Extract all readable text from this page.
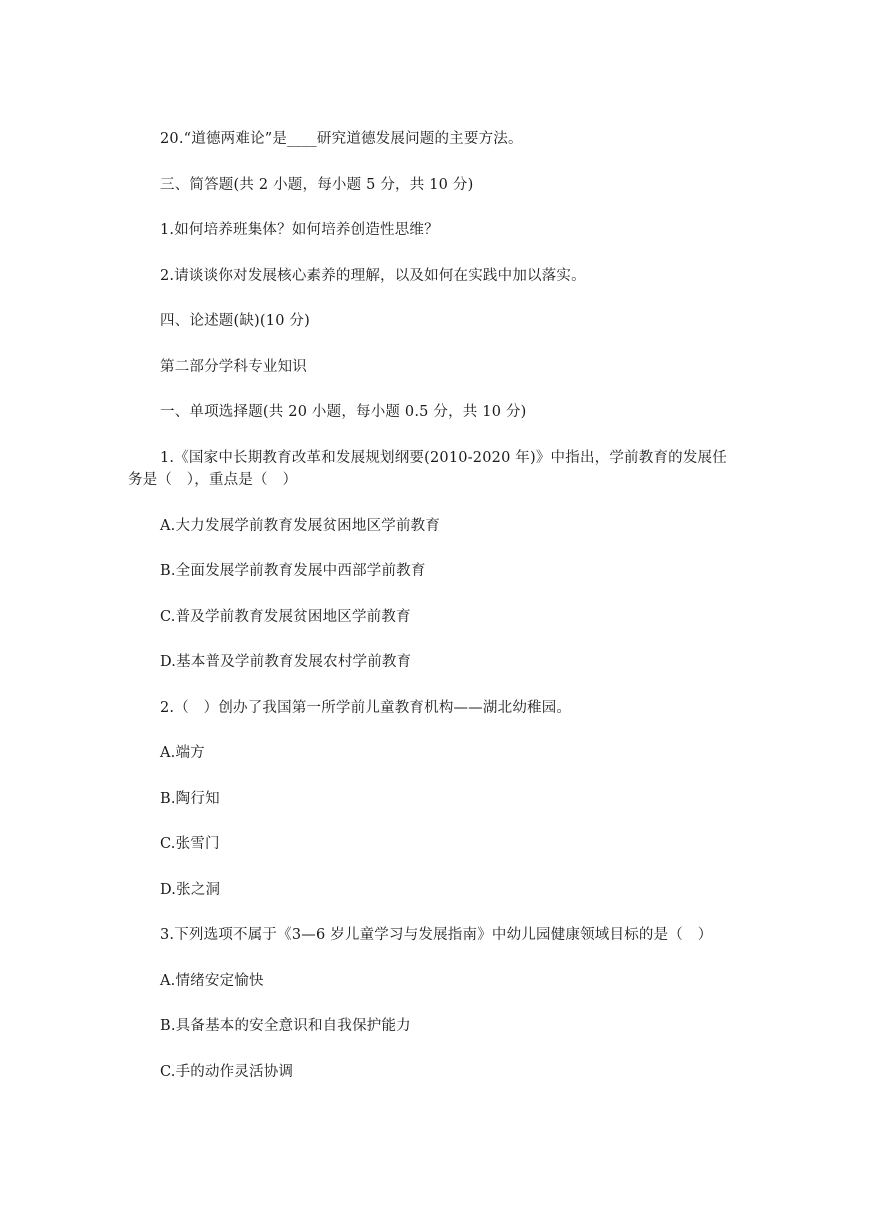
20.“道德两难论”是____研究道德发展问题的主要方法。
三、简答题(共 2 小题，每小题 5 分，共 10 分)
1.如何培养班集体？如何培养创造性思维？
2.请谈谈你对发展核心素养的理解，以及如何在实践中加以落实。
四、论述题(缺)(10 分)
第二部分学科专业知识
一、单项选择题(共 20 小题，每小题 0.5 分，共 10 分)
1.《国家中长期教育改革和发展规划纲要(2010-2020 年)》中指出，学前教育的发展任
务是（　），重点是（　）
A.大力发展学前教育发展贫困地区学前教育
B.全面发展学前教育发展中西部学前教育
C.普及学前教育发展贫困地区学前教育
D.基本普及学前教育发展农村学前教育
2.（　）创办了我国第一所学前儿童教育机构——湖北幼稚园。
A.端方
B.陶行知
C.张雪门
D.张之洞
3.下列选项不属于《3—6 岁儿童学习与发展指南》中幼儿园健康领域目标的是（　）
A.情绪安定愉快
B.具备基本的安全意识和自我保护能力
C.手的动作灵活协调
